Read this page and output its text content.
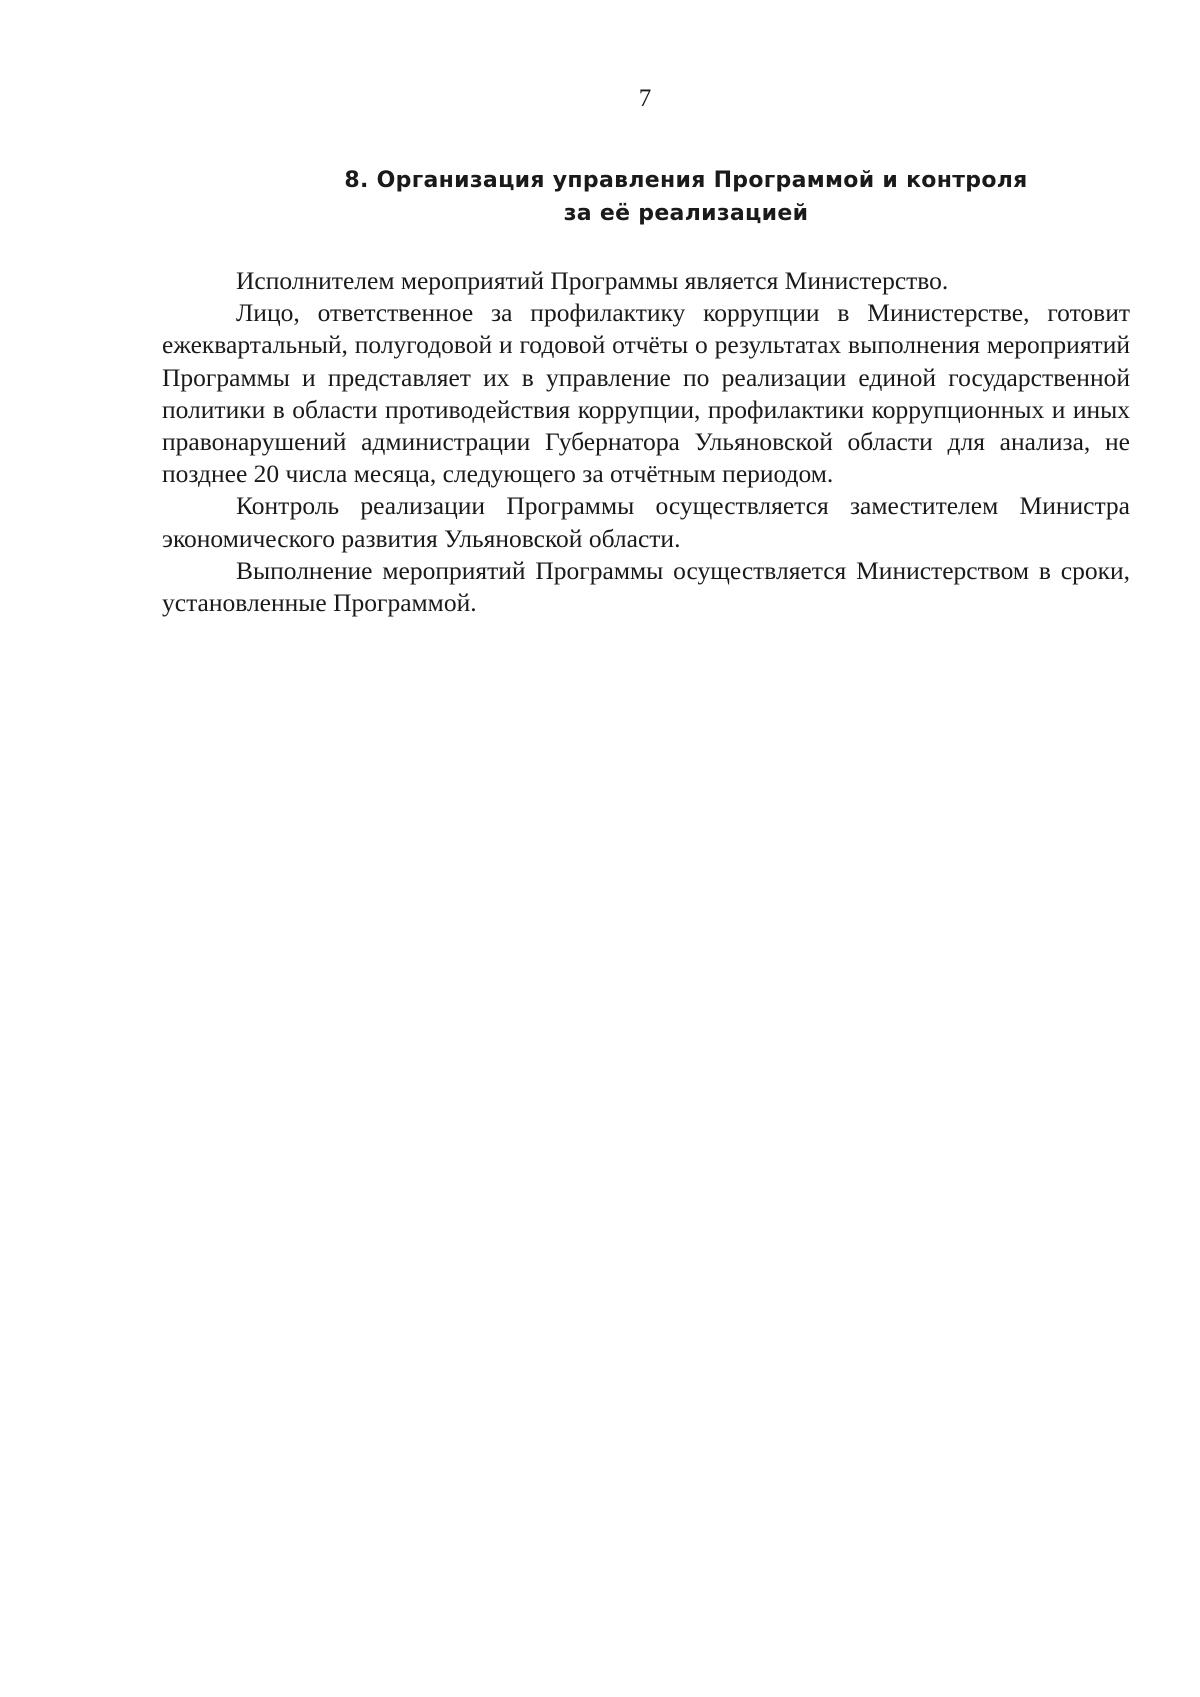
7
8. Организация управления Программой и контроля
за её реализацией

Исполнителем мероприятий Программы является Министерство.

Лицо, ответственное за профилактику коррупции в Министерстве, готовит ежеквартальный, полугодовой и годовой отчёты о результатах выполнения мероприятий Программы и представляет их в управление по реализации единой государственной политики в области противодействия коррупции, профилактики коррупционных и иных правонарушений администрации Губернатора Ульяновской области для анализа, не позднее 20 числа месяца, следующего за отчётным периодом.

Контроль реализации Программы осуществляется заместителем Министра экономического развития Ульяновской области.

Выполнение мероприятий Программы осуществляется Министерством в сроки, установленные Программой.
